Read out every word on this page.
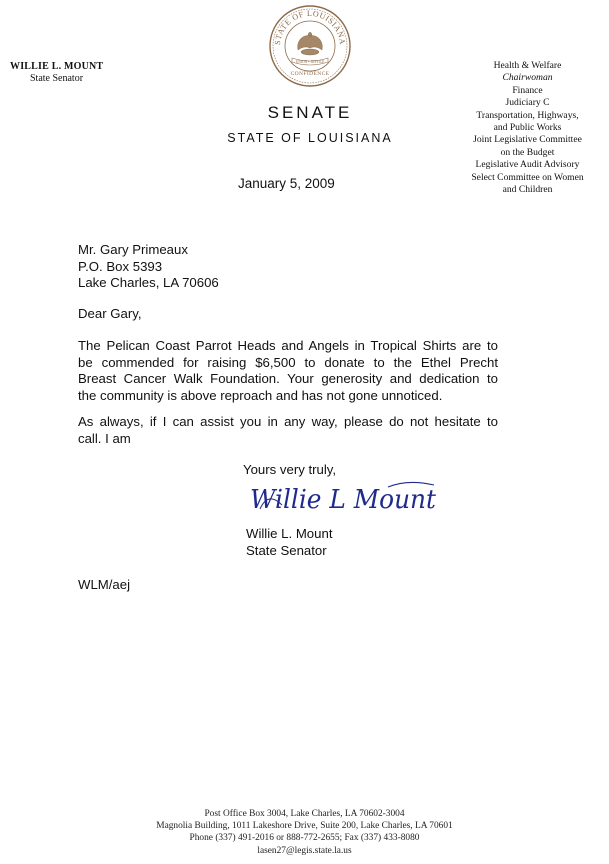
STATE OF LOUISIANA
UNION • JUSTICE
CONFIDENCE
WILLIE L. MOUNT
State Senator
Health & Welfare
Chairwoman
Finance
Judiciary C
Transportation, Highways,
and Public Works
Joint Legislative Committee
on the Budget
Legislative Audit Advisory
Select Committee on Women
and Children
SENATE
STATE OF LOUISIANA
January 5, 2009
Mr. Gary Primeaux
P.O. Box 5393
Lake Charles, LA 70606
Dear Gary,
The Pelican Coast Parrot Heads and Angels in Tropical Shirts are to
be commended for raising $6,500 to donate to the Ethel Precht
Breast Cancer Walk Foundation. Your generosity and dedication to
the community is above reproach and has not gone unnoticed.
As always, if I can assist you in any way, please do not hesitate to
call. I am
Yours very truly,
Willie L Mount
Willie L. Mount
State Senator
WLM/aej
Post Office Box 3004, Lake Charles, LA 70602-3004
Magnolia Building, 1011 Lakeshore Drive, Suite 200, Lake Charles, LA 70601
Phone (337) 491-2016 or 888-772-2655; Fax (337) 433-8080
lasen27@legis.state.la.us
